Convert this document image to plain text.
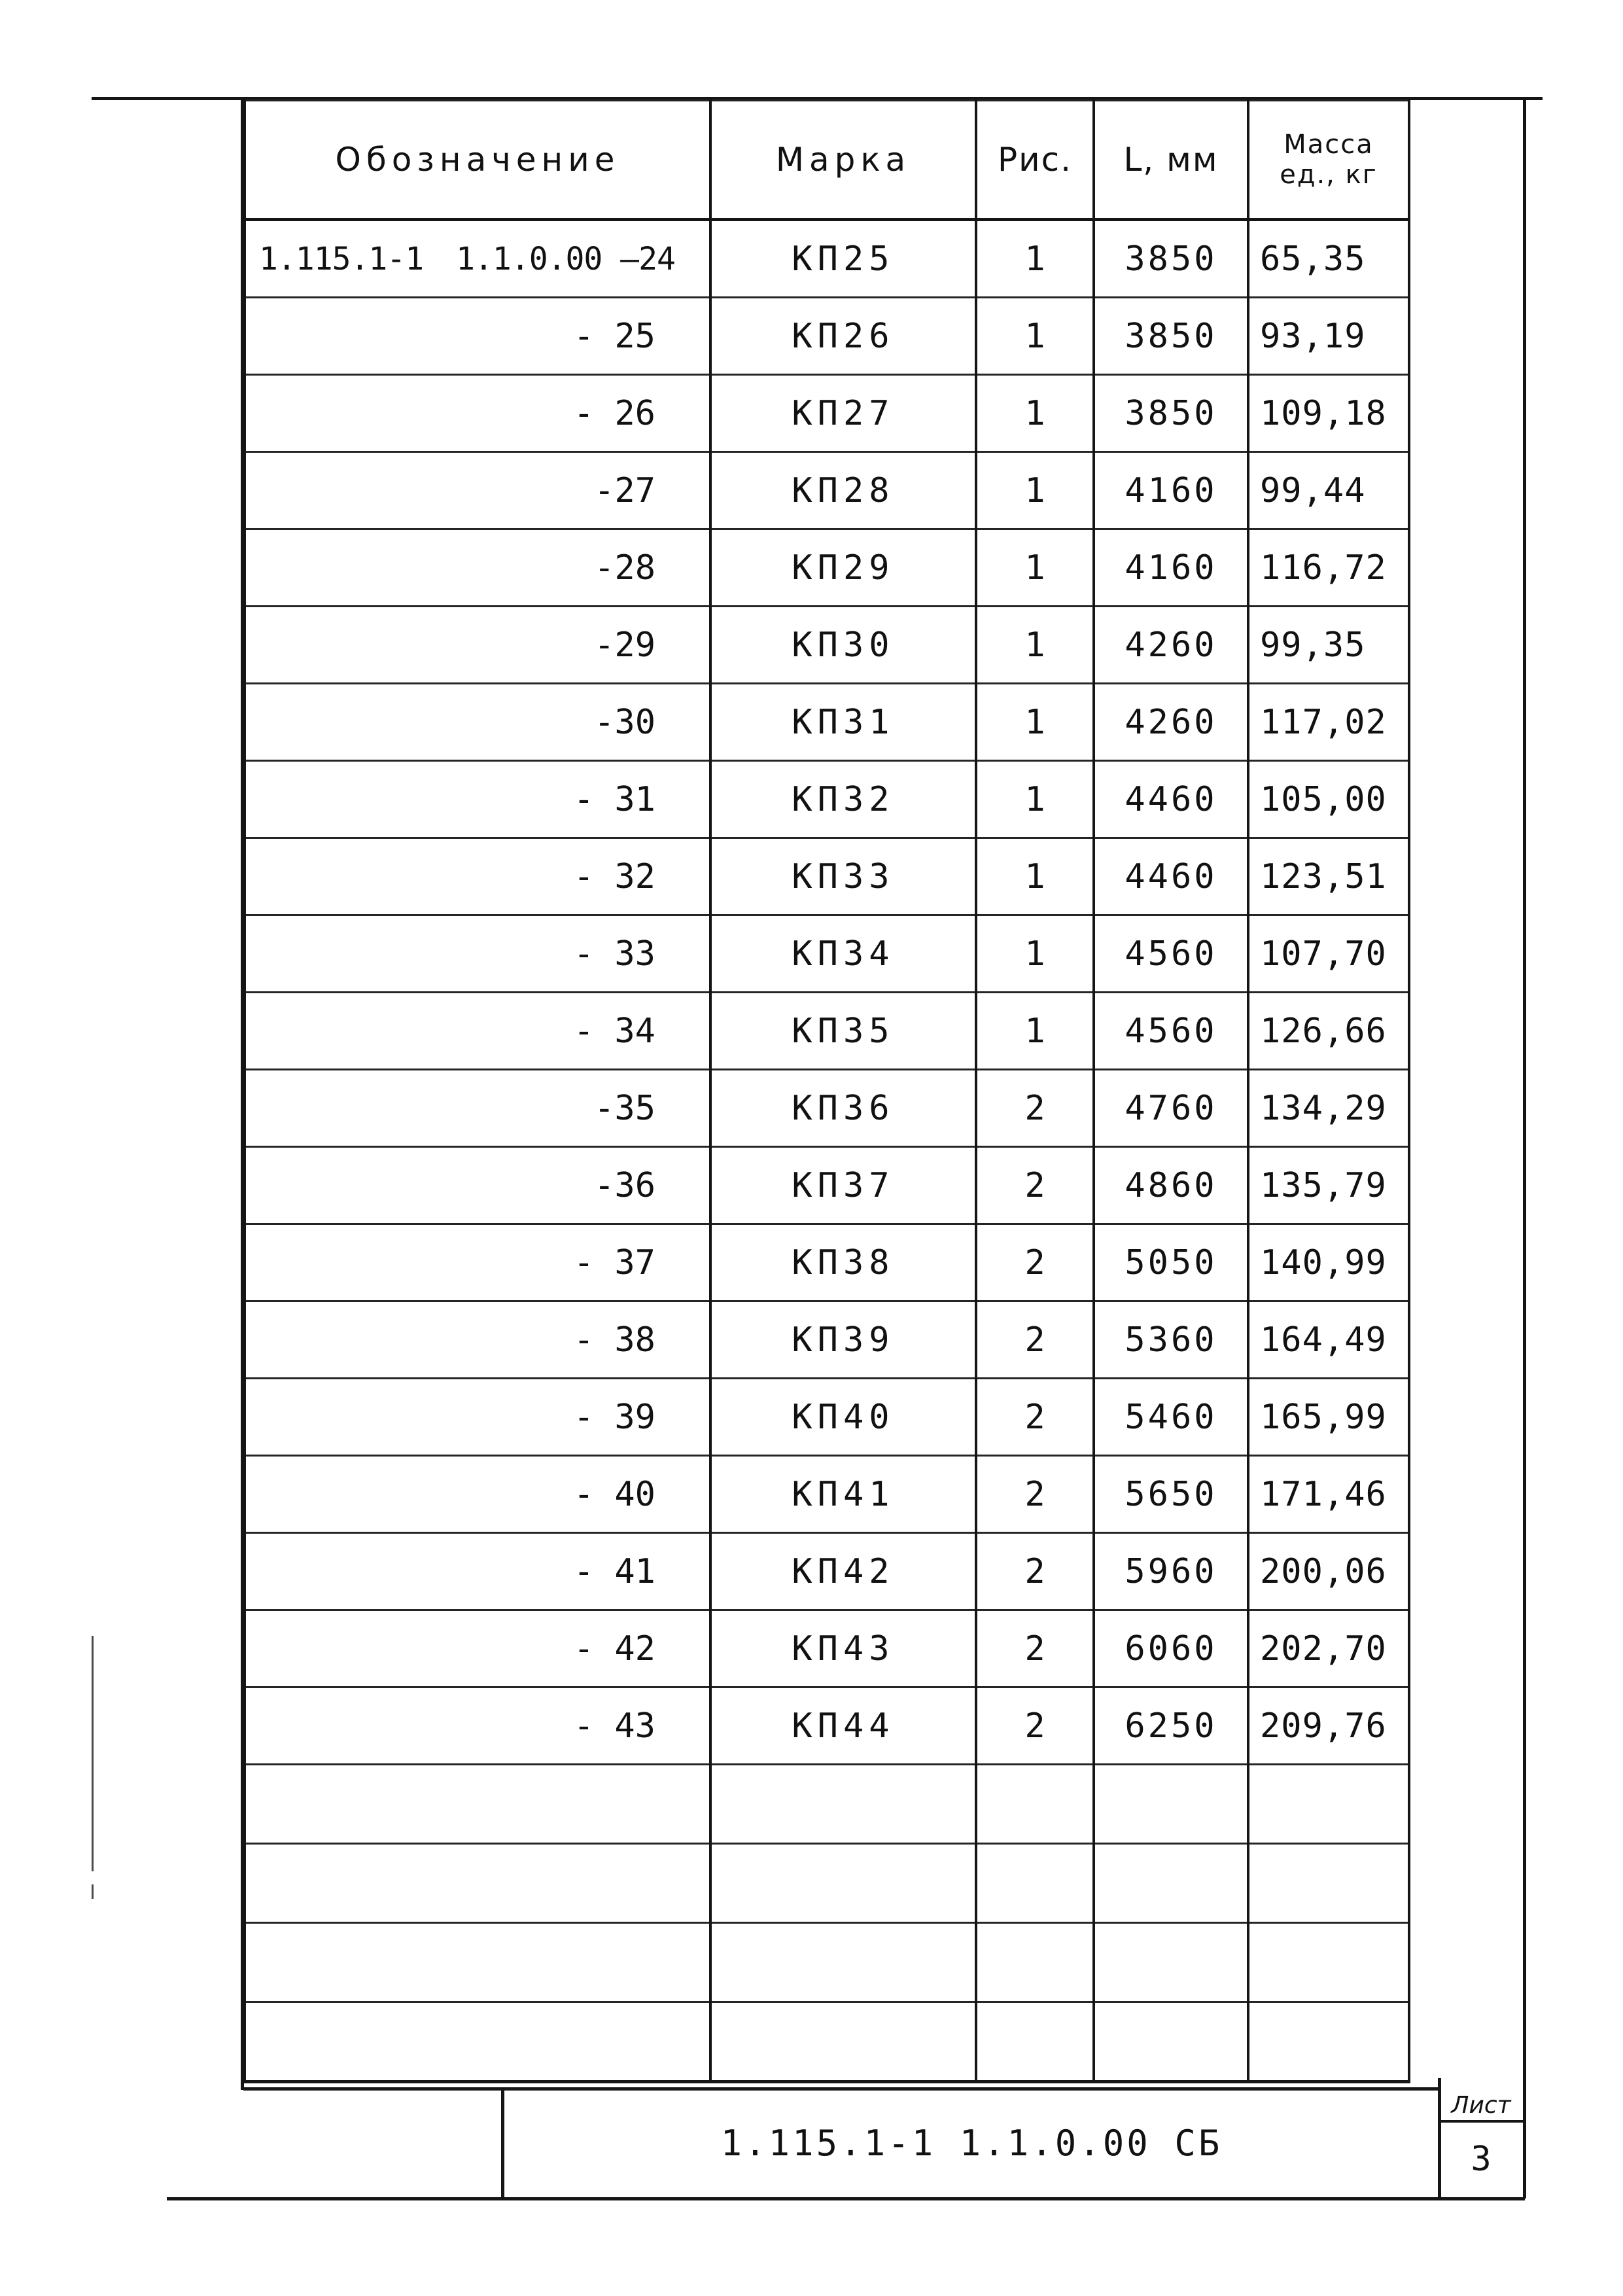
Обозначение	Марка	Рис.	L, мм	Масса
ед., кг

1.115.1-1 1.1.0.00 –24	КП25	1	3850	65,35
- 25	КП26	1	3850	93,19
- 26	КП27	1	3850	109,18
-27	КП28	1	4160	99,44
-28	КП29	1	4160	116,72
-29	КП30	1	4260	99,35
-30	КП31	1	4260	117,02
- 31	КП32	1	4460	105,00
- 32	КП33	1	4460	123,51
- 33	КП34	1	4560	107,70
- 34	КП35	1	4560	126,66
-35	КП36	2	4760	134,29
-36	КП37	2	4860	135,79
- 37	КП38	2	5050	140,99
- 38	КП39	2	5360	164,49
- 39	КП40	2	5460	165,99
- 40	КП41	2	5650	171,46
- 41	КП42	2	5960	200,06
- 42	КП43	2	6060	202,70
- 43	КП44	2	6250	209,76

1.115.1-1 1.1.0.00 СБ
Лист
3
